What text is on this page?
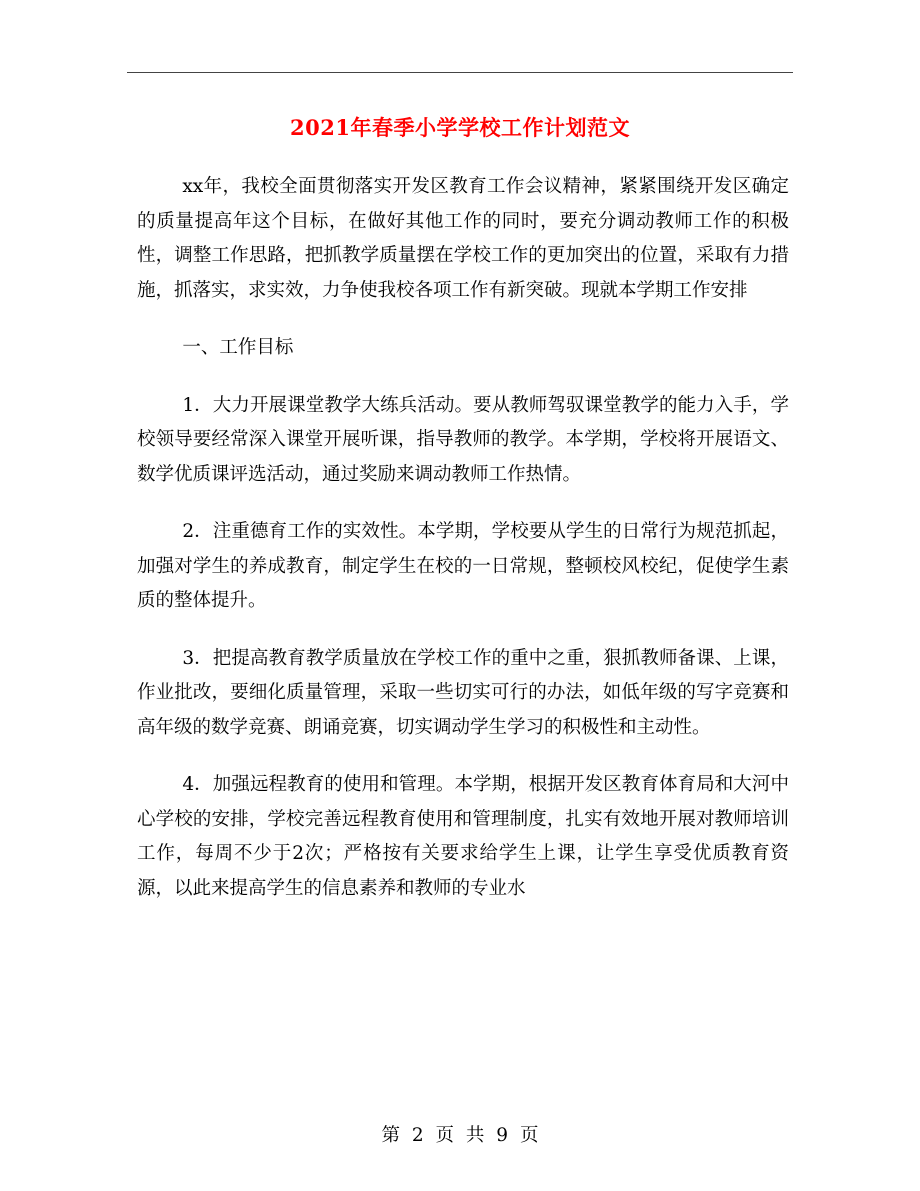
2021年春季小学学校工作计划范文

xx年，我校全面贯彻落实开发区教育工作会议精神，紧紧围绕开发区确定的质量提高年这个目标，在做好其他工作的同时，要充分调动教师工作的积极性，调整工作思路，把抓教学质量摆在学校工作的更加突出的位置，采取有力措施，抓落实，求实效，力争使我校各项工作有新突破。现就本学期工作安排

一、工作目标

1．大力开展课堂教学大练兵活动。要从教师驾驭课堂教学的能力入手，学校领导要经常深入课堂开展听课，指导教师的教学。本学期，学校将开展语文、数学优质课评选活动，通过奖励来调动教师工作热情。

2．注重德育工作的实效性。本学期，学校要从学生的日常行为规范抓起，加强对学生的养成教育，制定学生在校的一日常规，整顿校风校纪，促使学生素质的整体提升。

3．把提高教育教学质量放在学校工作的重中之重，狠抓教师备课、上课，作业批改，要细化质量管理，采取一些切实可行的办法，如低年级的写字竞赛和高年级的数学竞赛、朗诵竞赛，切实调动学生学习的积极性和主动性。

4．加强远程教育的使用和管理。本学期，根据开发区教育体育局和大河中心学校的安排，学校完善远程教育使用和管理制度，扎实有效地开展对教师培训工作，每周不少于2次；严格按有关要求给学生上课，让学生享受优质教育资源，以此来提高学生的信息素养和教师的专业水

第 2 页 共 9 页
